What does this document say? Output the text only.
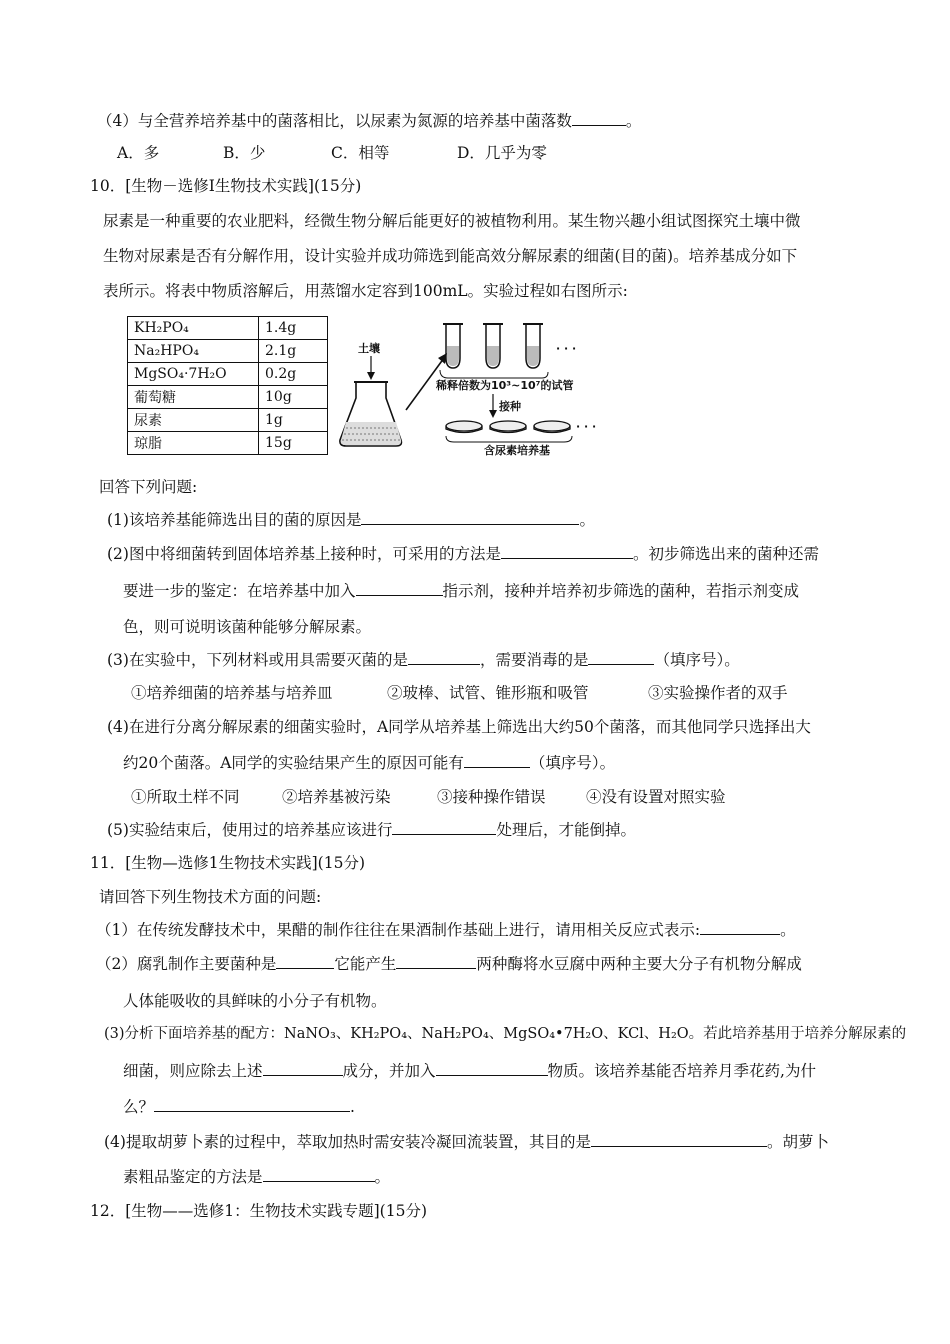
（4）与全营养培养基中的菌落相比，以尿素为氮源的培养基中菌落数	。
A．多	B．少	C．相等	D．几乎为零
10．[生物－选修Ⅰ生物技术实践](15分)
尿素是一种重要的农业肥料，经微生物分解后能更好的被植物利用。某生物兴趣小组试图探究土壤中微
生物对尿素是否有分解作用，设计实验并成功筛选到能高效分解尿素的细菌(目的菌)。培养基成分如下
表所示。将表中物质溶解后，用蒸馏水定容到100mL。实验过程如右图所示:
KH₂PO₄	1.4g
Na₂HPO₄	2.1g
MgSO₄·7H₂O	0.2g
葡萄糖	10g
尿素	1g
琼脂	15g
土壤	· · ·
稀释倍数为10³~10⁷的试管
接种
· · ·
含尿素培养基
回答下列问题:
(1)该培养基能筛选出目的菌的原因是	。
(2)图中将细菌转到固体培养基上接种时，可采用的方法是	。初步筛选出来的菌种还需
要进一步的鉴定：在培养基中加入	指示剂，接种并培养初步筛选的菌种，若指示剂变成
色，则可说明该菌种能够分解尿素。
(3)在实验中，下列材料或用具需要灭菌的是	，需要消毒的是	（填序号）。
①培养细菌的培养基与培养皿	②玻棒、试管、锥形瓶和吸管	③实验操作者的双手
(4)在进行分离分解尿素的细菌实验时，A同学从培养基上筛选出大约50个菌落，而其他同学只选择出大
约20个菌落。A同学的实验结果产生的原因可能有	（填序号）。
①所取土样不同	②培养基被污染	③接种操作错误	④没有设置对照实验
(5)实验结束后，使用过的培养基应该进行	处理后，才能倒掉。
11．[生物—选修1生物技术实践](15分)
请回答下列生物技术方面的问题:
（1）在传统发酵技术中，果醋的制作往往在果酒制作基础上进行，请用相关反应式表示:	。
（2）腐乳制作主要菌种是	它能产生	两种酶将水豆腐中两种主要大分子有机物分解成
人体能吸收的具鲜味的小分子有机物。
(3)分析下面培养基的配方：NaNO₃、KH₂PO₄、NaH₂PO₄、MgSO₄•7H₂O、KCl、H₂O。若此培养基用于培养分解尿素的
细菌，则应除去上述	成分，并加入	物质。该培养基能否培养月季花药,为什
么？	.
(4)提取胡萝卜素的过程中，萃取加热时需安装冷凝回流装置，其目的是	。胡萝卜
素粗品鉴定的方法是	。
12．[生物——选修1：生物技术实践专题](15分)
